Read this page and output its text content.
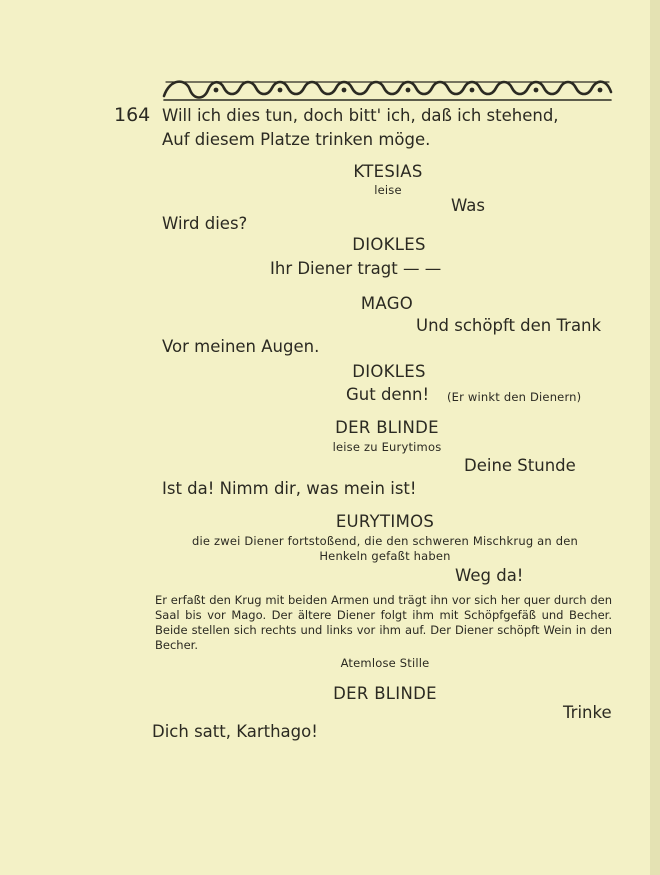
164 Will ich dies tun, doch bitt' ich, daß ich stehend,
Auf diesem Platze trinken möge.
KTESIAS
leise
Was
Wird dies?
DIOKLES
Ihr Diener tragt — —
MAGO
Und schöpft den Trank
Vor meinen Augen.
DIOKLES
Gut denn! (Er winkt den Dienern)
DER BLINDE
leise zu Eurytimos
Deine Stunde
Ist da! Nimm dir, was mein ist!
EURYTIMOS
die zwei Diener fortstoßend, die den schweren Mischkrug an den
Henkeln gefaßt haben
Weg da!
Er erfaßt den Krug mit beiden Armen und trägt ihn vor sich her quer durch den Saal bis vor Mago. Der ältere Diener folgt ihm mit Schöpfgefäß und Becher. Beide stellen sich rechts und links vor ihm auf. Der Diener schöpft Wein in den Becher.
Atemlose Stille
DER BLINDE
Trinke
Dich satt, Karthago!
